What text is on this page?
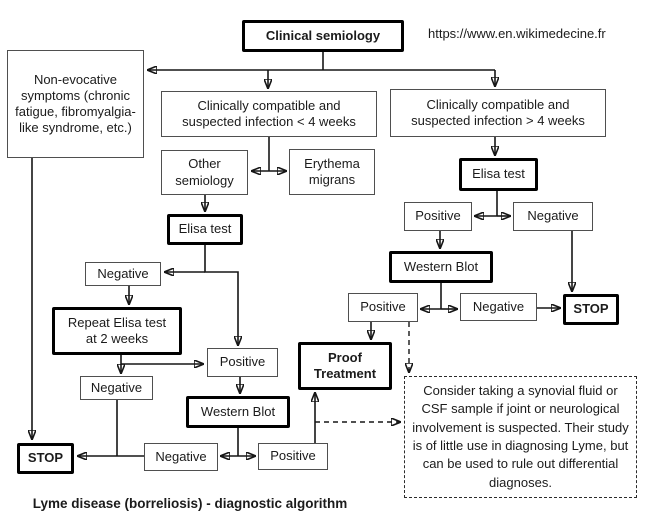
Clinical semiology	https://www.en.wikimedecine.fr
Non-evocative symptoms (chronic fatigue, fibromyalgia-like syndrome, etc.)
Clinically compatible and suspected infection < 4 weeks
Clinically compatible and suspected infection > 4 weeks
Other semiology
Erythema migrans
Elisa test
Negative
Repeat Elisa test at 2 weeks
Positive
Negative
Western Blot
STOP	Negative	Positive
Proof Treatment
Elisa test
Positive	Negative
Western Blot
Positive	Negative	STOP
Consider taking a synovial fluid or CSF sample if joint or neurological involvement is suspected. Their study is of little use in diagnosing Lyme, but can be used to rule out differential diagnoses.
Lyme disease (borreliosis) - diagnostic algorithm
